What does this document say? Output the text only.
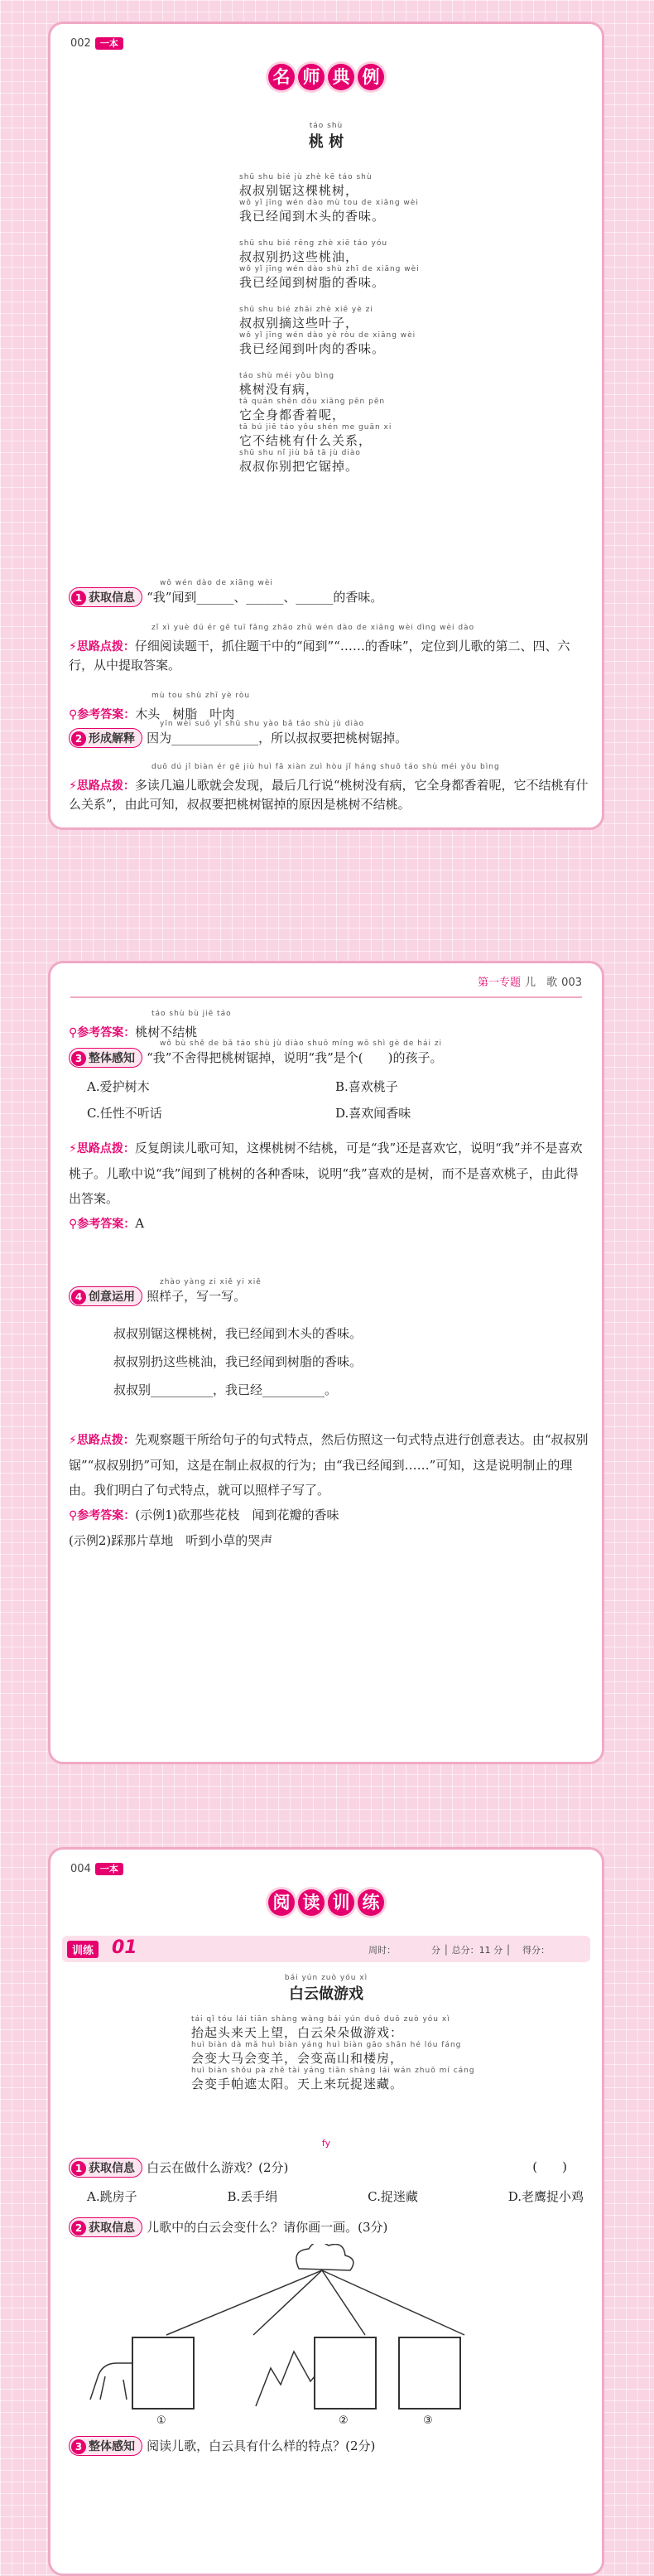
002 一本
名 师 典 例
táo shù
桃 树
shū shu bié jù zhè kē táo shù
叔叔别锯这棵桃树，
wǒ yǐ jīng wén dào mù tou de xiāng wèi
我已经闻到木头的香味。
shū shu bié rēng zhè xiē táo yóu
叔叔别扔这些桃油，
wǒ yǐ jīng wén dào shù zhī de xiāng wèi
我已经闻到树脂的香味。
shū shu bié zhāi zhè xiē yè zi
叔叔别摘这些叶子，
wǒ yǐ jīng wén dào yè ròu de xiāng wèi
我已经闻到叶肉的香味。
táo shù méi yǒu bìng
桃树没有病，
tā quán shēn dōu xiāng pēn pēn
它全身都香着呢，
tā bú jiē táo yǒu shén me guān xi
它不结桃有什么关系，
shū shu nǐ jiù bǎ tā jù diào
叔叔你别把它锯掉。
wǒ wén dào de xiāng wèi
1 获取信息 “我”闻到______、______、______的香味。
zǐ xì yuè dú ér gē tuī fǎng zhāo zhǔ wén dào de xiāng wèi dìng wèi dào
⚡思路点拨：仔细阅读题干，抓住题干中的“闻到”“……的香味”，定位到儿歌的第二、四、六行，从中提取答案。
mù tou shù zhī yè ròu
⚲参考答案：木头　树脂　叶肉
yīn wèi suǒ yǐ shū shu yào bǎ táo shù jù diào
2 形成解释 因为______________，所以叔叔要把桃树锯掉。
duō dú jǐ biàn ér gē jiù huì fā xiàn zuì hòu jǐ háng shuō táo shù méi yǒu bìng
⚡思路点拨：多读几遍儿歌就会发现，最后几行说“桃树没有病，它全身都香着呢，它不结桃有什么关系”，由此可知，叔叔要把桃树锯掉的原因是桃树不结桃。
第一专题 儿　歌 003
táo shù bù jiē táo
⚲参考答案：桃树不结桃
wǒ bù shě de bǎ táo shù jù diào shuō míng wǒ shì gè de hái zi
3 整体感知 “我”不舍得把桃树锯掉，说明“我”是个(　　)的孩子。
A.爱护树木	B.喜欢桃子
C.任性不听话	D.喜欢闻香味
⚡思路点拨：反复朗读儿歌可知，这棵桃树不结桃，可是“我”还是喜欢它，说明“我”并不是喜欢桃子。儿歌中说“我”闻到了桃树的各种香味，说明“我”喜欢的是树，而不是喜欢桃子，由此得出答案。
⚲参考答案：A
zhào yàng zi xiě yi xiě
4 创意运用 照样子，写一写。
叔叔别锯这棵桃树，我已经闻到木头的香味。
叔叔别扔这些桃油，我已经闻到树脂的香味。
叔叔别__________，我已经__________。
⚡思路点拨：先观察题干所给句子的句式特点，然后仿照这一句式特点进行创意表达。由“叔叔别锯”“叔叔别扔”可知，这是在制止叔叔的行为；由“我已经闻到……”可知，这是说明制止的理由。我们明白了句式特点，就可以照样子写了。
⚲参考答案：(示例1)砍那些花枝　闻到花瓣的香味
(示例2)踩那片草地　听到小草的哭声
004 一本
阅 读 训 练
训练 01	周时：	分 │ 总分：11 分 │ 得分：
bái yún zuò yóu xì
白云做游戏
tái qǐ tóu lái tiān shàng wàng bái yún duǒ duǒ zuò yóu xì
抬起头来天上望，白云朵朵做游戏：
huì biàn dà mǎ huì biàn yáng huì biàn gāo shān hé lóu fáng
会变大马会变羊，会变高山和楼房，
huì biàn shǒu pà zhē tài yáng tiān shàng lái wán zhuō mí cáng
会变手帕遮太阳。天上来玩捉迷藏。
fy
1 获取信息 白云在做什么游戏？(2分)	(　　)
A.跳房子	B.丢手绢	C.捉迷藏	D.老鹰捉小鸡
2 获取信息 儿歌中的白云会变什么？请你画一画。(3分)
①	②	③
3 整体感知 阅读儿歌，白云具有什么样的特点？(2分)
